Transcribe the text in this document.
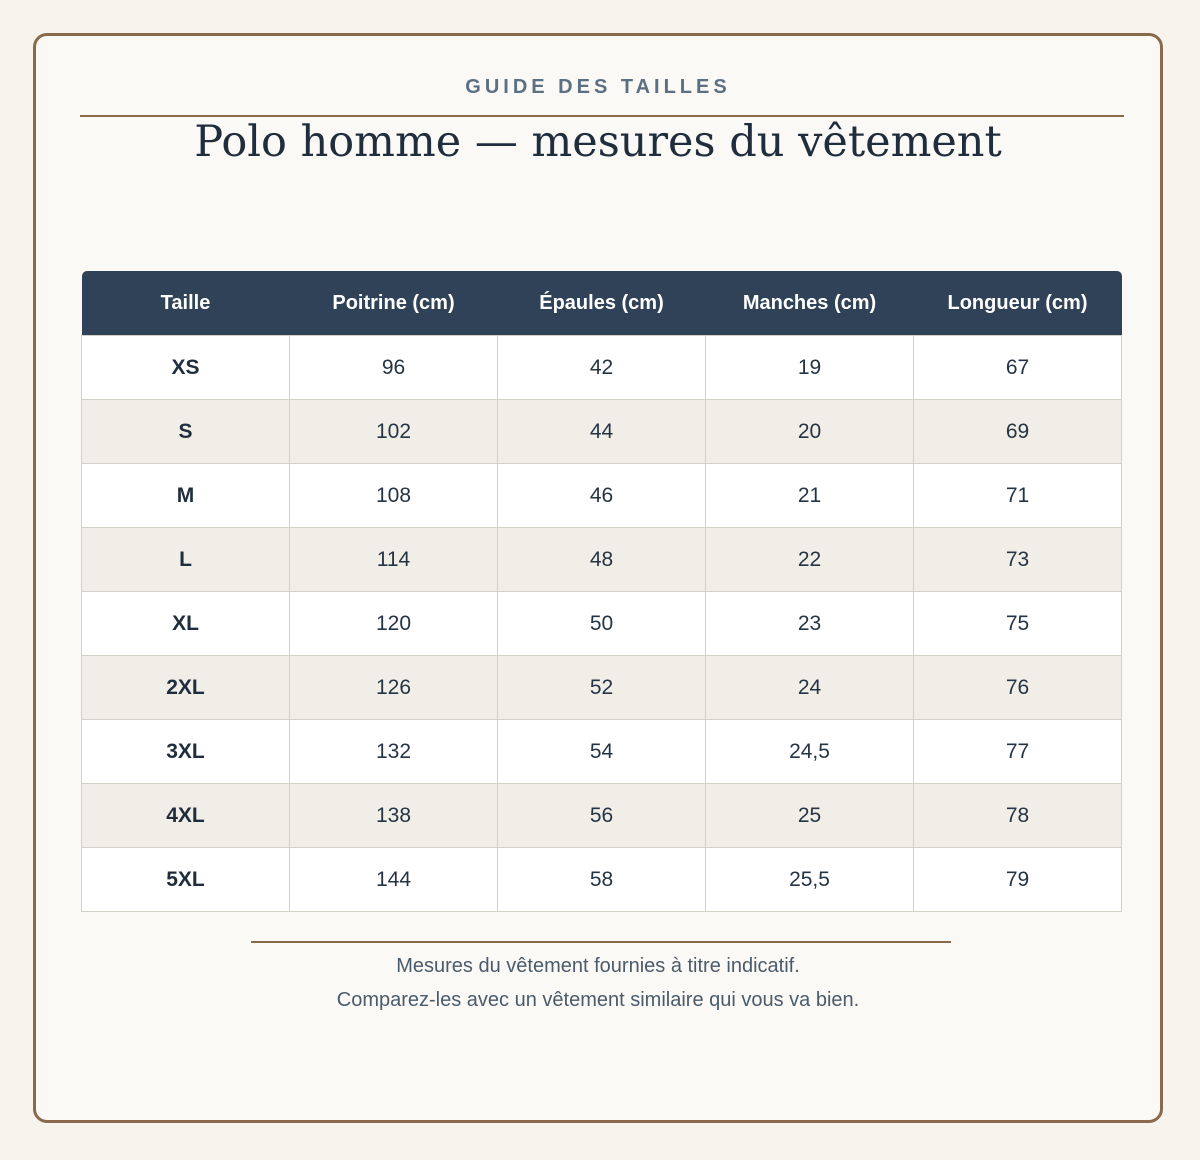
GUIDE DES TAILLES
Polo homme — mesures du vêtement
Taille	Poitrine (cm)	Épaules (cm)	Manches (cm)	Longueur (cm)
XS	96	42	19	67
S	102	44	20	69
M	108	46	21	71
L	114	48	22	73
XL	120	50	23	75
2XL	126	52	24	76
3XL	132	54	24,5	77
4XL	138	56	25	78
5XL	144	58	25,5	79
Mesures du vêtement fournies à titre indicatif.
Comparez-les avec un vêtement similaire qui vous va bien.
